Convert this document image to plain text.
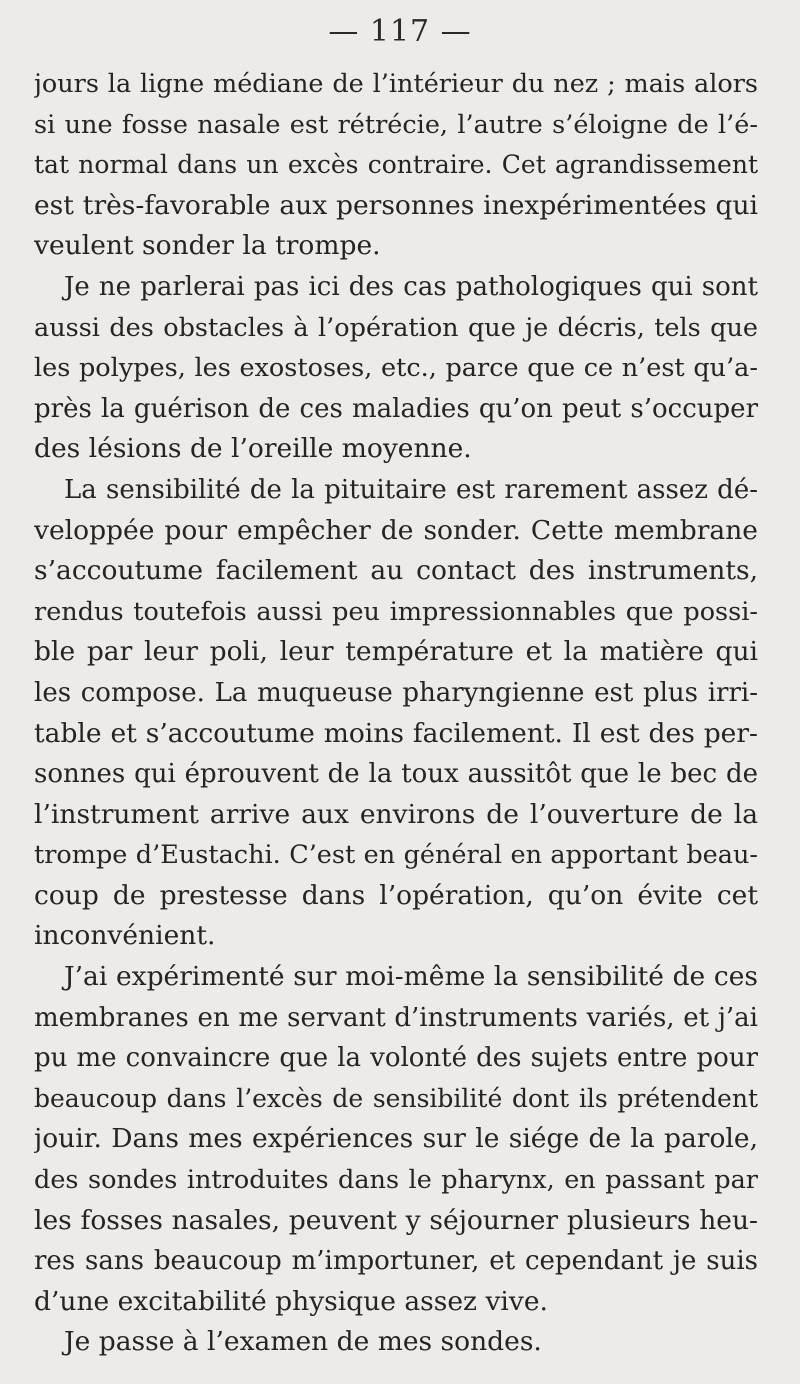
— 117 —
jours la ligne médiane de l’intérieur du nez ; mais alors
si une fosse nasale est rétrécie, l’autre s’éloigne de l’é-
tat normal dans un excès contraire. Cet agrandissement
est très-favorable aux personnes inexpérimentées qui
veulent sonder la trompe.
Je ne parlerai pas ici des cas pathologiques qui sont
aussi des obstacles à l’opération que je décris, tels que
les polypes, les exostoses, etc., parce que ce n’est qu’a-
près la guérison de ces maladies qu’on peut s’occuper
des lésions de l’oreille moyenne.
La sensibilité de la pituitaire est rarement assez dé-
veloppée pour empêcher de sonder. Cette membrane
s’accoutume facilement au contact des instruments,
rendus toutefois aussi peu impressionnables que possi-
ble par leur poli, leur température et la matière qui
les compose. La muqueuse pharyngienne est plus irri-
table et s’accoutume moins facilement. Il est des per-
sonnes qui éprouvent de la toux aussitôt que le bec de
l’instrument arrive aux environs de l’ouverture de la
trompe d’Eustachi. C’est en général en apportant beau-
coup de prestesse dans l’opération, qu’on évite cet
inconvénient.
J’ai expérimenté sur moi-même la sensibilité de ces
membranes en me servant d’instruments variés, et j’ai
pu me convaincre que la volonté des sujets entre pour
beaucoup dans l’excès de sensibilité dont ils prétendent
jouir. Dans mes expériences sur le siége de la parole,
des sondes introduites dans le pharynx, en passant par
les fosses nasales, peuvent y séjourner plusieurs heu-
res sans beaucoup m’importuner, et cependant je suis
d’une excitabilité physique assez vive.
Je passe à l’examen de mes sondes.
